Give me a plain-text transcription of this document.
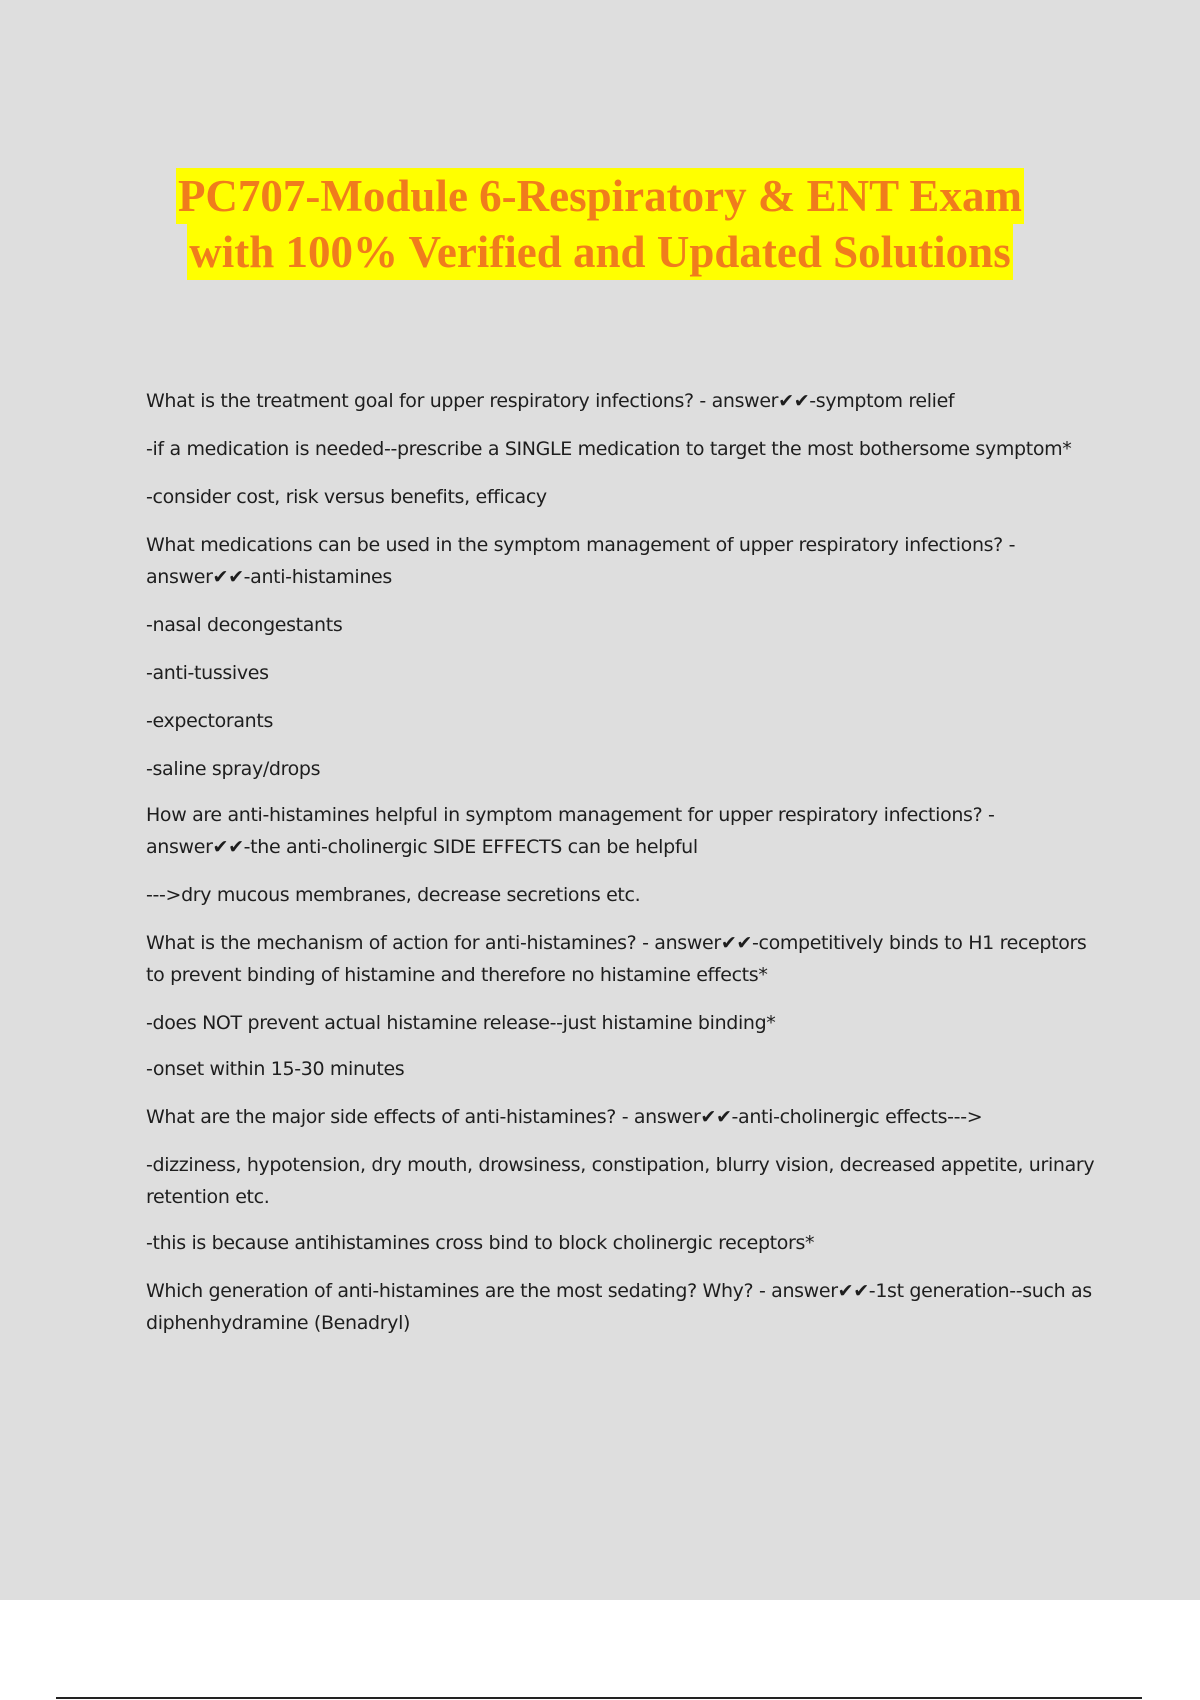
PC707-Module 6-Respiratory & ENT Exam
with 100% Verified and Updated Solutions

What is the treatment goal for upper respiratory infections? - answer✔✔-symptom relief

-if a medication is needed--prescribe a SINGLE medication to target the most bothersome symptom*

-consider cost, risk versus benefits, efficacy

What medications can be used in the symptom management of upper respiratory infections? - answer✔✔-anti-histamines

-nasal decongestants

-anti-tussives

-expectorants

-saline spray/drops

How are anti-histamines helpful in symptom management for upper respiratory infections? - answer✔✔-the anti-cholinergic SIDE EFFECTS can be helpful

--->dry mucous membranes, decrease secretions etc.

What is the mechanism of action for anti-histamines? - answer✔✔-competitively binds to H1 receptors to prevent binding of histamine and therefore no histamine effects*

-does NOT prevent actual histamine release--just histamine binding*

-onset within 15-30 minutes

What are the major side effects of anti-histamines? - answer✔✔-anti-cholinergic effects--->

-dizziness, hypotension, dry mouth, drowsiness, constipation, blurry vision, decreased appetite, urinary retention etc.

-this is because antihistamines cross bind to block cholinergic receptors*

Which generation of anti-histamines are the most sedating? Why? - answer✔✔-1st generation--such as diphenhydramine (Benadryl)
